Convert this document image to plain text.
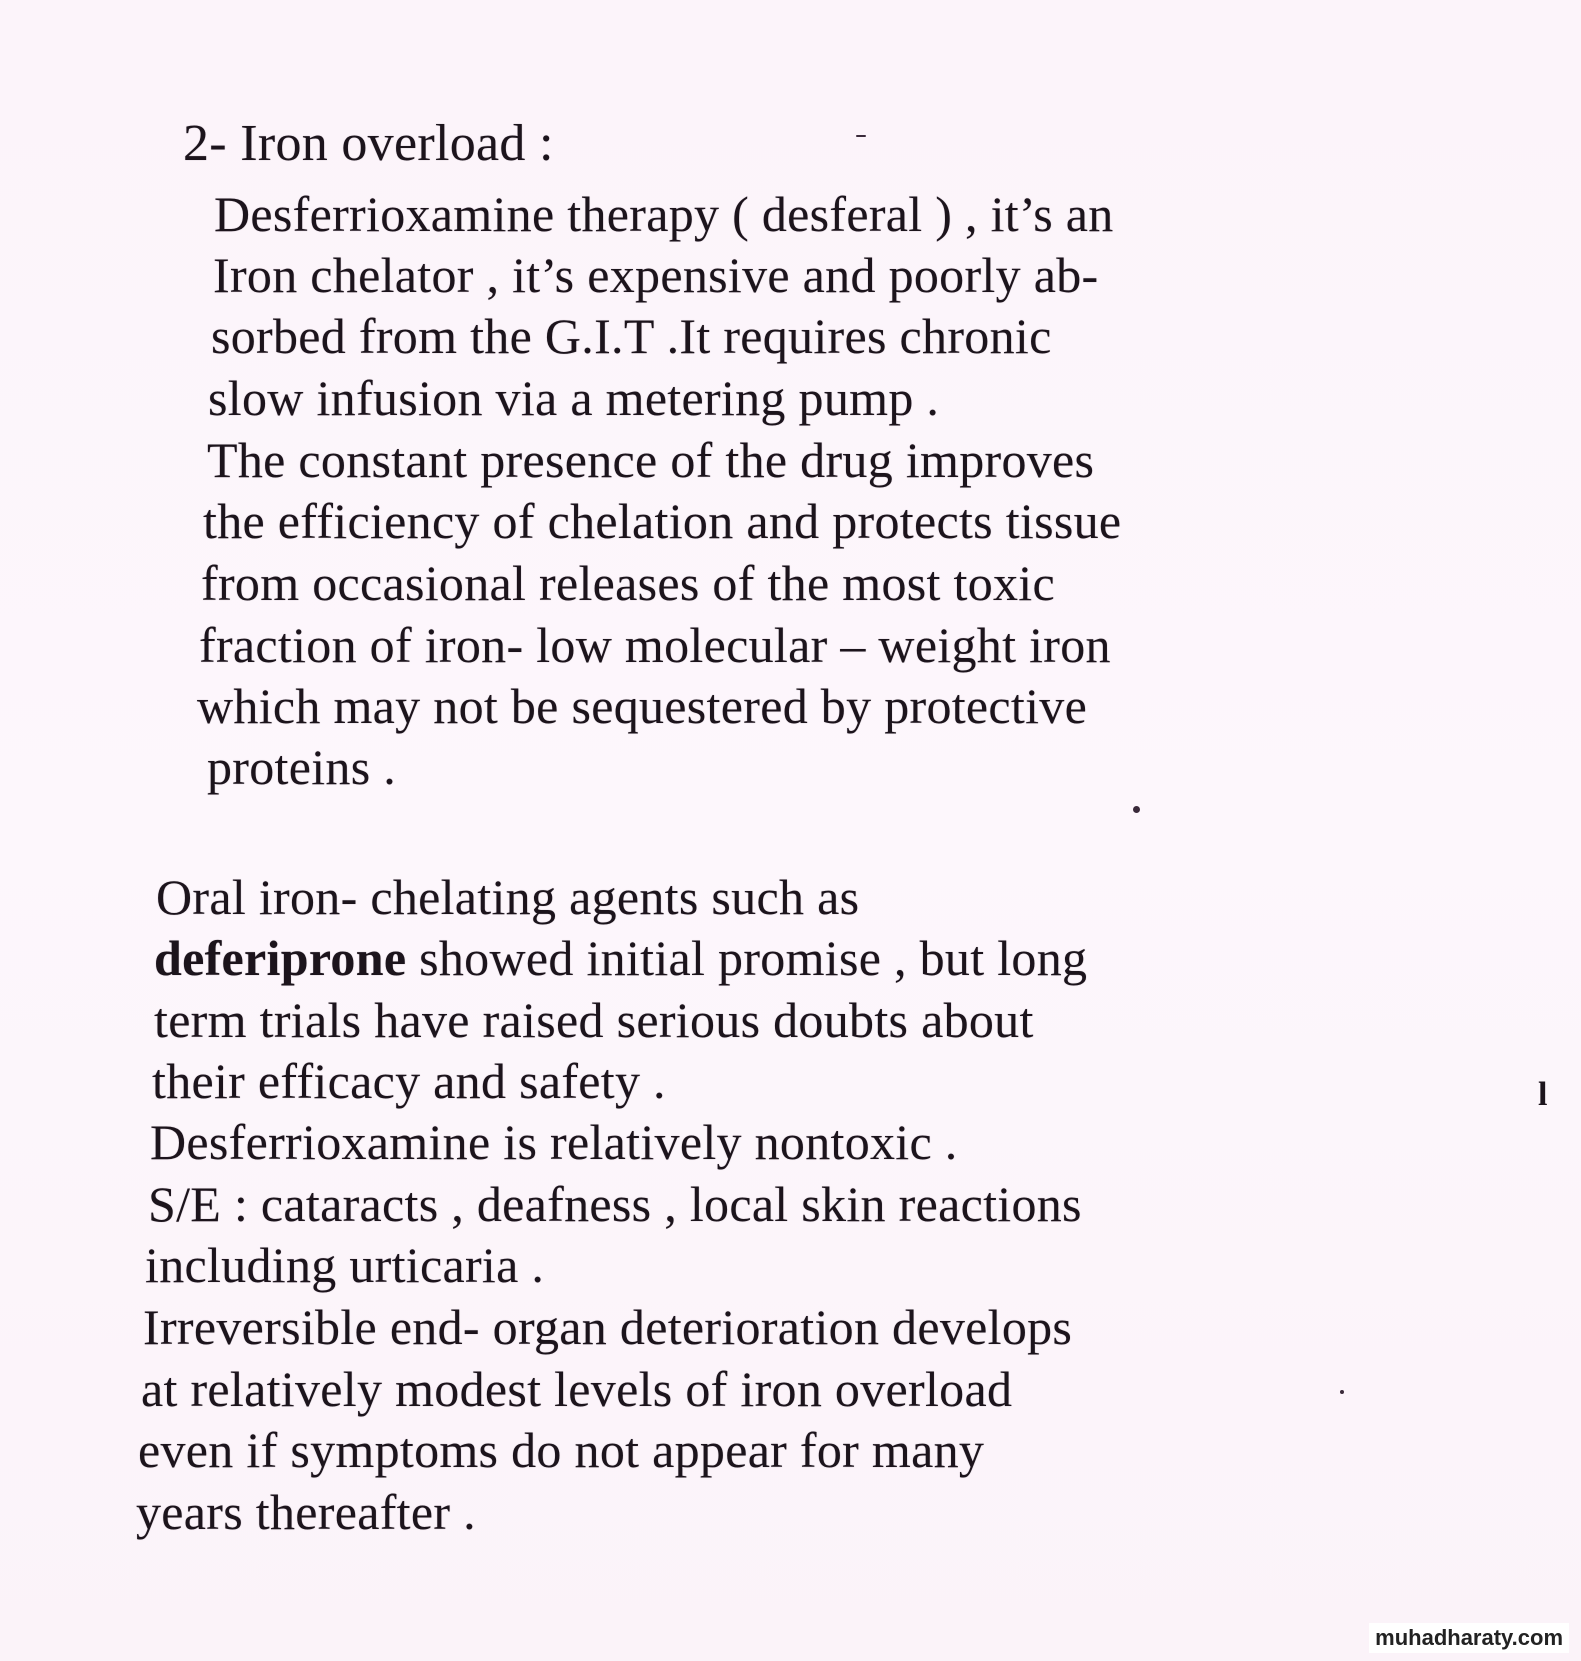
2- Iron overload :
Desferrioxamine therapy ( desferal ) , it’s an
Iron chelator , it’s expensive and poorly ab-
sorbed from the G.I.T .It requires chronic
slow infusion via a metering pump .
The constant presence of the drug improves
the efficiency of chelation and protects tissue
from occasional releases of the most toxic
fraction of iron- low molecular – weight iron
which may not be sequestered by protective
proteins .
Oral iron- chelating agents such as
deferiprone showed initial promise , but long
term trials have raised serious doubts about
their efficacy and safety .
Desferrioxamine is relatively nontoxic .
S/E : cataracts , deafness , local skin reactions
including urticaria .
Irreversible end- organ deterioration develops
at relatively modest levels of iron overload
even if symptoms do not appear for many
years thereafter .
l
muhadharaty.com
